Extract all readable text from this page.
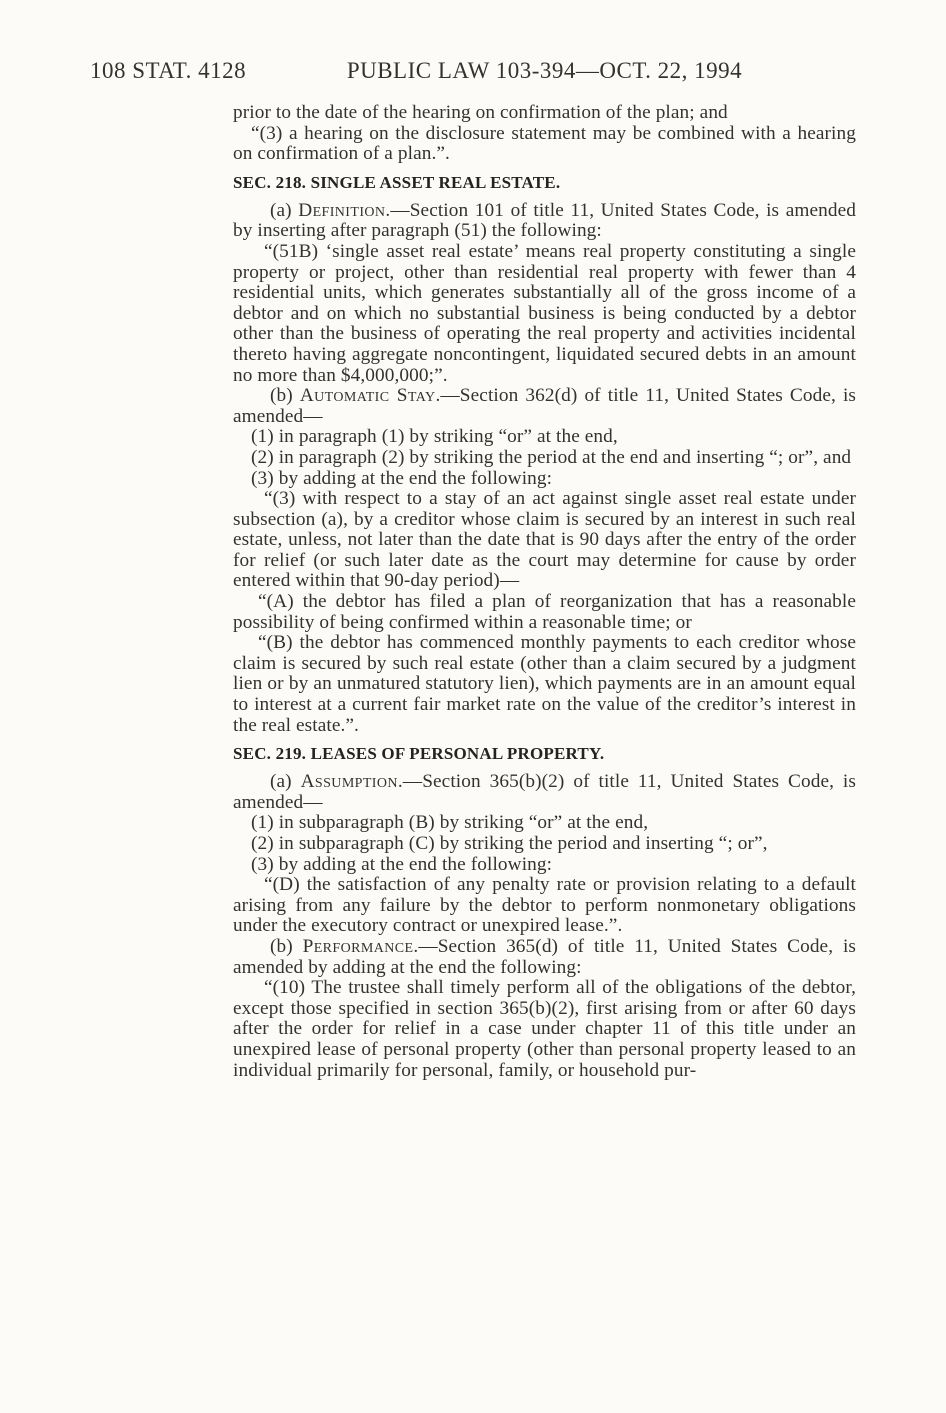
108 STAT. 4128	PUBLIC LAW 103-394—OCT. 22, 1994

prior to the date of the hearing on confirmation of the plan; and

“(3) a hearing on the disclosure statement may be combined with a hearing on confirmation of a plan.”.

SEC. 218. SINGLE ASSET REAL ESTATE.

(a) Definition.—Section 101 of title 11, United States Code, is amended by inserting after paragraph (51) the following:

“(51B) ‘single asset real estate’ means real property constituting a single property or project, other than residential real property with fewer than 4 residential units, which generates substantially all of the gross income of a debtor and on which no substantial business is being conducted by a debtor other than the business of operating the real property and activities incidental thereto having aggregate noncontingent, liquidated secured debts in an amount no more than $4,000,000;”.

(b) Automatic Stay.—Section 362(d) of title 11, United States Code, is amended—

(1) in paragraph (1) by striking “or” at the end,

(2) in paragraph (2) by striking the period at the end and inserting “; or”, and

(3) by adding at the end the following:

“(3) with respect to a stay of an act against single asset real estate under subsection (a), by a creditor whose claim is secured by an interest in such real estate, unless, not later than the date that is 90 days after the entry of the order for relief (or such later date as the court may determine for cause by order entered within that 90-day period)—

“(A) the debtor has filed a plan of reorganization that has a reasonable possibility of being confirmed within a reasonable time; or

“(B) the debtor has commenced monthly payments to each creditor whose claim is secured by such real estate (other than a claim secured by a judgment lien or by an unmatured statutory lien), which payments are in an amount equal to interest at a current fair market rate on the value of the creditor’s interest in the real estate.”.

SEC. 219. LEASES OF PERSONAL PROPERTY.

(a) Assumption.—Section 365(b)(2) of title 11, United States Code, is amended—

(1) in subparagraph (B) by striking “or” at the end,

(2) in subparagraph (C) by striking the period and inserting “; or”,

(3) by adding at the end the following:

“(D) the satisfaction of any penalty rate or provision relating to a default arising from any failure by the debtor to perform nonmonetary obligations under the executory contract or unexpired lease.”.

(b) Performance.—Section 365(d) of title 11, United States Code, is amended by adding at the end the following:

“(10) The trustee shall timely perform all of the obligations of the debtor, except those specified in section 365(b)(2), first arising from or after 60 days after the order for relief in a case under chapter 11 of this title under an unexpired lease of personal property (other than personal property leased to an individual primarily for personal, family, or household pur-
